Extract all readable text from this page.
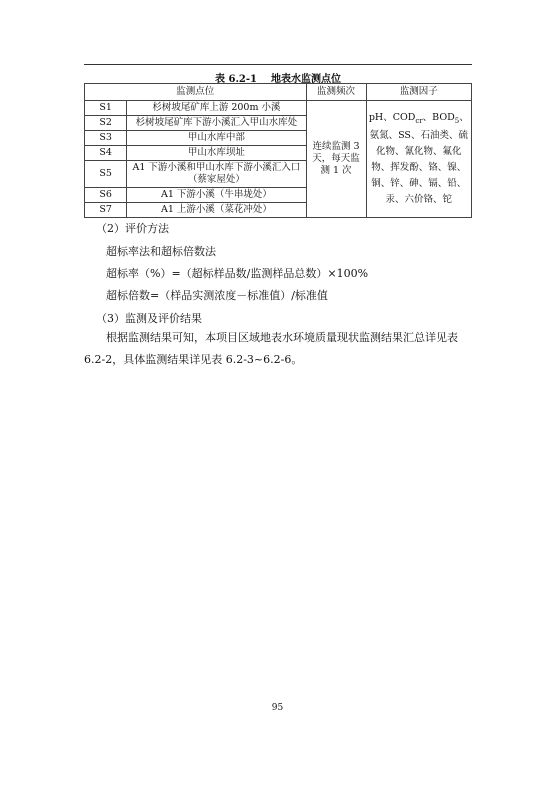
表 6.2-1 地表水监测点位
监测点位		监测频次	监测因子
S1	杉树坡尾矿库上游 200m 小溪	连续监测 3 天，每天监测 1 次	pH、$COD_{cr}$、$BOD_5$、氨氮、SS、石油类、硫化物、氰化物、氟化物、挥发酚、铬、镍、铜、锌、砷、镉、铅、汞、六价铬、铊
S2	杉树坡尾矿库下游小溪汇入甲山水库处		
S3	甲山水库中部		
S4	甲山水库坝址		
S5	A1 下游小溪和甲山水库下游小溪汇入口（蔡家屋处）		
S6	A1 下游小溪（牛串垅处）		
S7	A1 上游小溪（菜花冲处）		
（2）评价方法
超标率法和超标倍数法
超标率（%）=（超标样品数/监测样品总数）×100%
超标倍数=（样品实测浓度－标准值）/标准值
（3）监测及评价结果
根据监测结果可知，本项目区域地表水环境质量现状监测结果汇总详见表 6.2-2，具体监测结果详见表 6.2-3~6.2-6。
95
